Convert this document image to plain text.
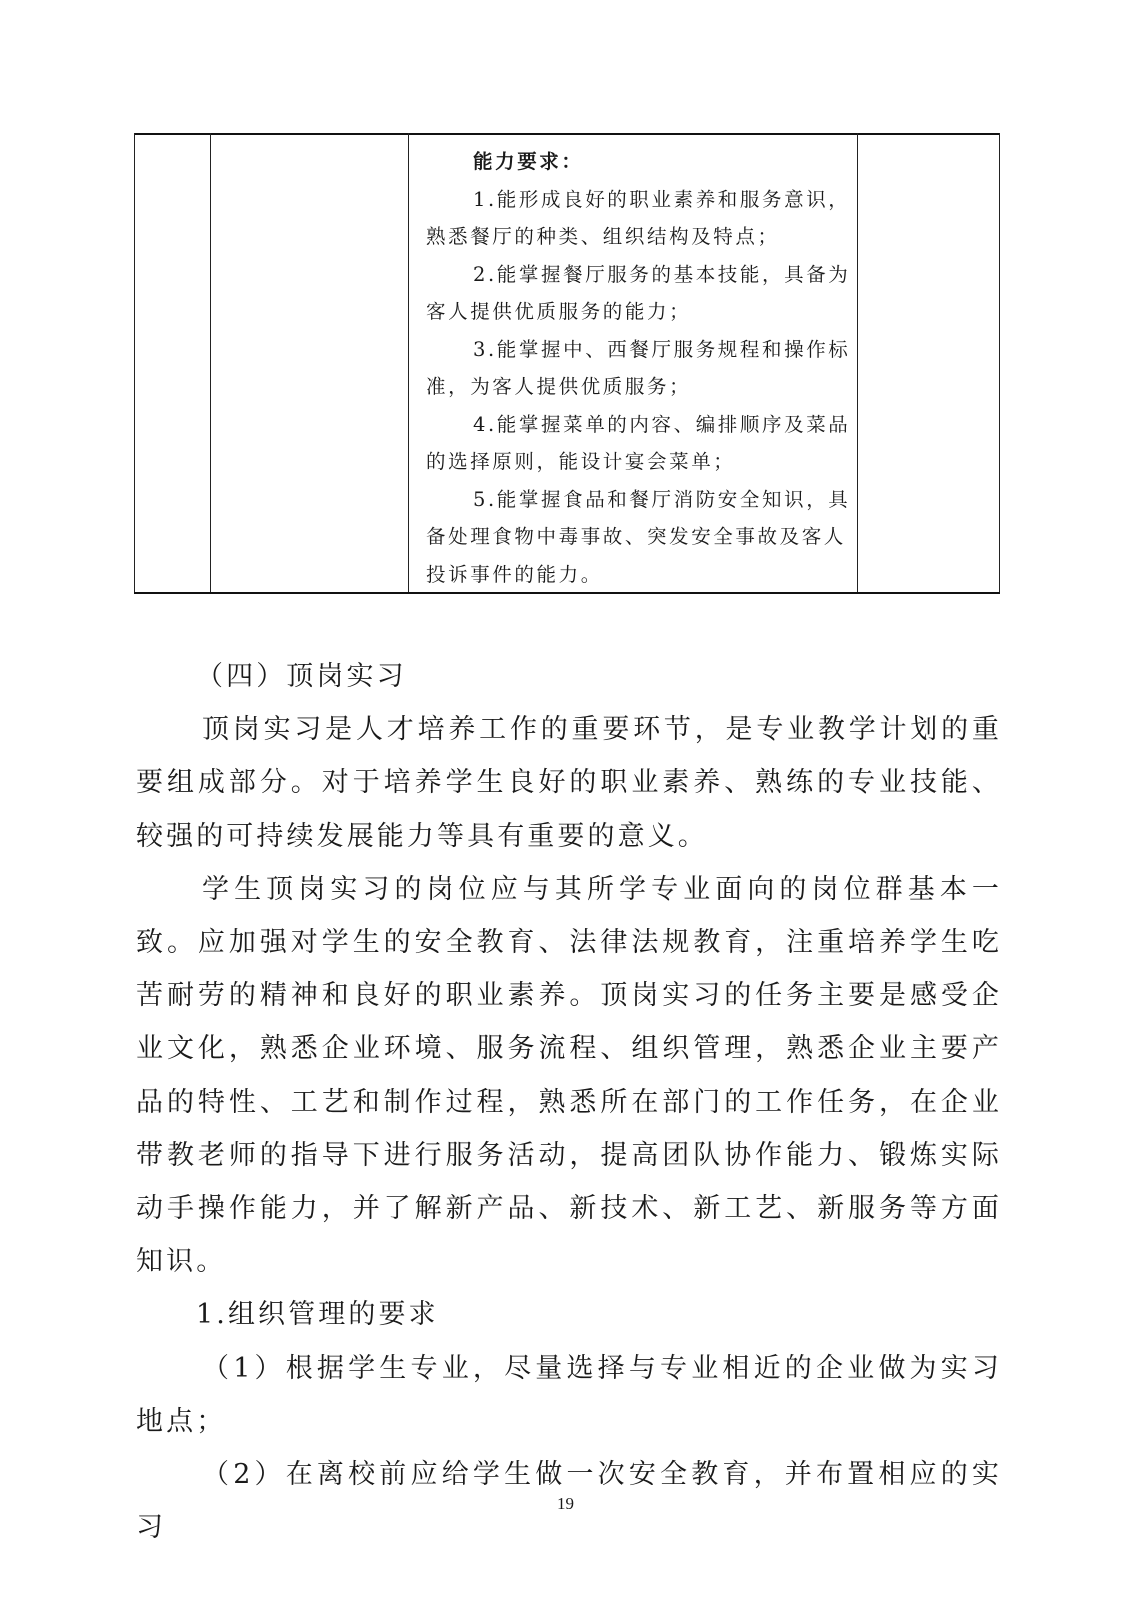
能力要求：

1.能形成良好的职业素养和服务意识，熟悉餐厅的种类、组织结构及特点；

2.能掌握餐厅服务的基本技能，具备为客人提供优质服务的能力；

3.能掌握中、西餐厅服务规程和操作标准，为客人提供优质服务；

4.能掌握菜单的内容、编排顺序及菜品的选择原则，能设计宴会菜单；

5.能掌握食品和餐厅消防安全知识，具备处理食物中毒事故、突发安全事故及客人投诉事件的能力。

（四）顶岗实习

顶岗实习是人才培养工作的重要环节，是专业教学计划的重要组成部分。对于培养学生良好的职业素养、熟练的专业技能、较强的可持续发展能力等具有重要的意义。

学生顶岗实习的岗位应与其所学专业面向的岗位群基本一致。应加强对学生的安全教育、法律法规教育，注重培养学生吃苦耐劳的精神和良好的职业素养。顶岗实习的任务主要是感受企业文化，熟悉企业环境、服务流程、组织管理，熟悉企业主要产品的特性、工艺和制作过程，熟悉所在部门的工作任务，在企业带教老师的指导下进行服务活动，提高团队协作能力、锻炼实际动手操作能力，并了解新产品、新技术、新工艺、新服务等方面知识。

1.组织管理的要求

（1）根据学生专业，尽量选择与专业相近的企业做为实习地点；

（2）在离校前应给学生做一次安全教育，并布置相应的实习

19
